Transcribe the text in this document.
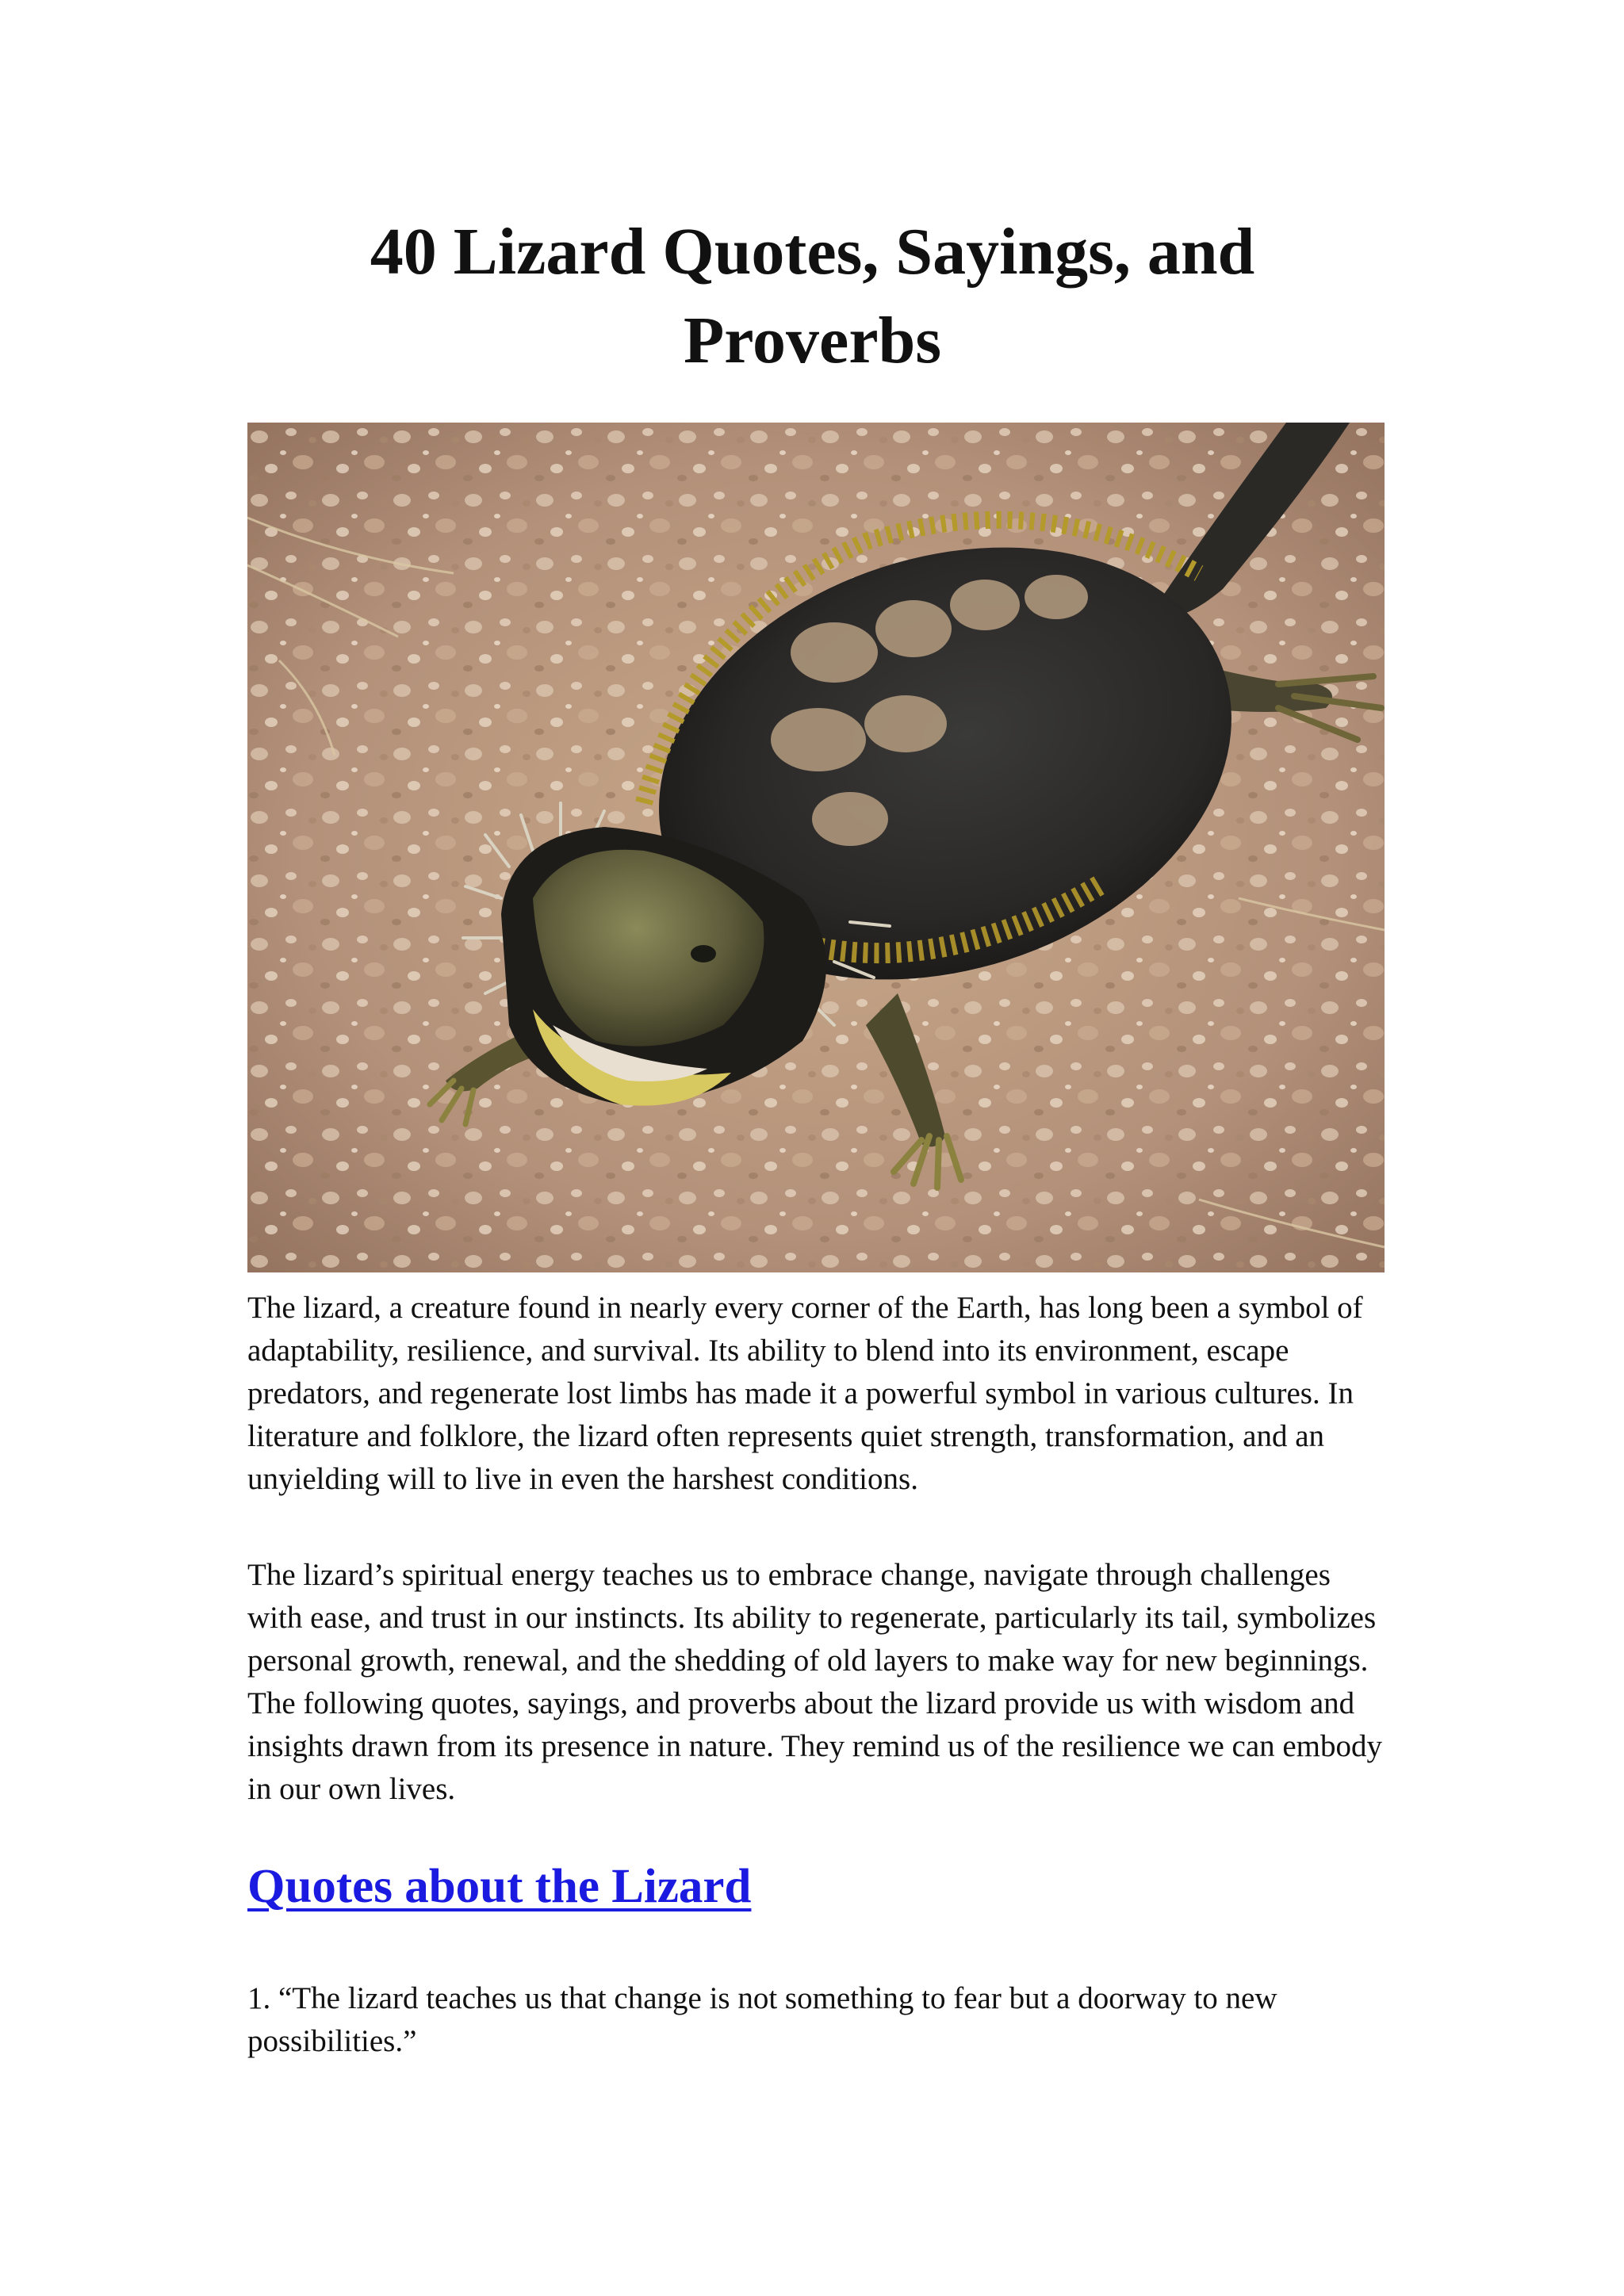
40 Lizard Quotes, Sayings, and Proverbs

The lizard, a creature found in nearly every corner of the Earth, has long been a symbol of adaptability, resilience, and survival. Its ability to blend into its environment, escape predators, and regenerate lost limbs has made it a powerful symbol in various cultures. In literature and folklore, the lizard often represents quiet strength, transformation, and an unyielding will to live in even the harshest conditions.

The lizard’s spiritual energy teaches us to embrace change, navigate through challenges with ease, and trust in our instincts. Its ability to regenerate, particularly its tail, symbolizes personal growth, renewal, and the shedding of old layers to make way for new beginnings. The following quotes, sayings, and proverbs about the lizard provide us with wisdom and insights drawn from its presence in nature. They remind us of the resilience we can embody in our own lives.

Quotes about the Lizard

1. “The lizard teaches us that change is not something to fear but a doorway to new possibilities.”
